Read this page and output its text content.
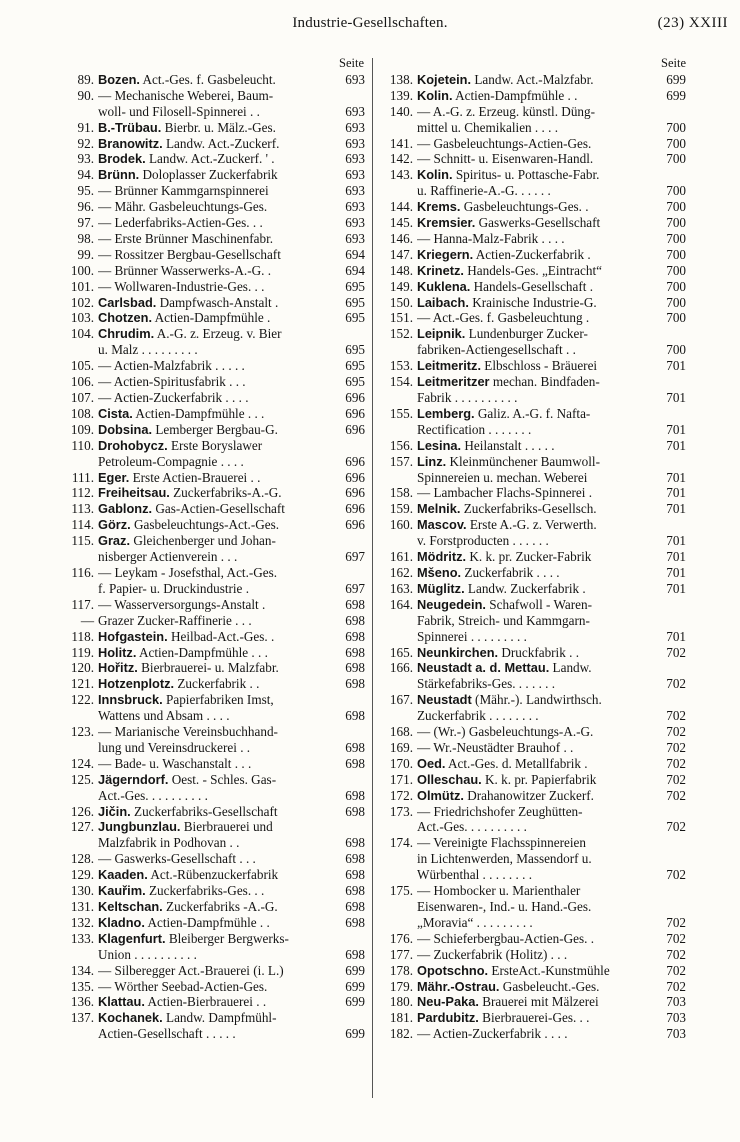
Industrie-Gesellschaften.	(23) XXIII
Seite
89. Bozen. Act.-Ges. f. Gasbeleucht.	693
90. — Mechanische Weberei, Baum-
woll- und Filosell-Spinnerei . .	693
91. B.-Trübau. Bierbr. u. Mälz.-Ges.	693
92. Branowitz. Landw. Act.-Zuckerf.	693
93. Brodek. Landw. Act.-Zuckerf. ' .	693
94. Brünn. Doloplasser Zuckerfabrik	693
95. — Brünner Kammgarnspinnerei	693
96. — Mähr. Gasbeleuchtungs-Ges.	693
97. — Lederfabriks-Actien-Ges. . .	693
98. — Erste Brünner Maschinenfabr.	693
99. — Rossitzer Bergbau-Gesellschaft	694
100. — Brünner Wasserwerks-A.-G. .	694
101. — Wollwaren-Industrie-Ges. . .	695
102. Carlsbad. Dampfwasch-Anstalt .	695
103. Chotzen. Actien-Dampfmühle .	695
104. Chrudim. A.-G. z. Erzeug. v. Bier
u. Malz . . . . . . . . .	695
105. — Actien-Malzfabrik . . . . .	695
106. — Actien-Spiritusfabrik . . .	695
107. — Actien-Zuckerfabrik . . . .	696
108. Cista. Actien-Dampfmühle . . .	696
109. Dobsina. Lemberger Bergbau-G.	696
110. Drohobycz. Erste Boryslawer
Petroleum-Compagnie . . . .	696
111. Eger. Erste Actien-Brauerei . .	696
112. Freiheitsau. Zuckerfabriks-A.-G.	696
113. Gablonz. Gas-Actien-Gesellschaft	696
114. Görz. Gasbeleuchtungs-Act.-Ges.	696
115. Graz. Gleichenberger und Johan-
nisberger Actienverein . . .	697
116. — Leykam - Josefsthal, Act.-Ges.
f. Papier- u. Druckindustrie .	697
117. — Wasserversorgungs-Anstalt .	698
— Grazer Zucker-Raffinerie . . .	698
118. Hofgastein. Heilbad-Act.-Ges. .	698
119. Holitz. Actien-Dampfmühle . . .	698
120. Hořitz. Bierbrauerei- u. Malzfabr.	698
121. Hotzenplotz. Zuckerfabrik . .	698
122. Innsbruck. Papierfabriken Imst,
Wattens und Absam . . . .	698
123. — Marianische Vereinsbuchhand-
lung und Vereinsdruckerei . .	698
124. — Bade- u. Waschanstalt . . .	698
125. Jägerndorf. Oest. - Schles. Gas-
Act.-Ges. . . . . . . . . .	698
126. Jičin. Zuckerfabriks-Gesellschaft	698
127. Jungbunzlau. Bierbrauerei und
Malzfabrik in Podhovan . .	698
128. — Gaswerks-Gesellschaft . . .	698
129. Kaaden. Act.-Rübenzuckerfabrik	698
130. Kauřim. Zuckerfabriks-Ges. . .	698
131. Keltschan. Zuckerfabriks -A.-G.	698
132. Kladno. Actien-Dampfmühle . .	698
133. Klagenfurt. Bleiberger Bergwerks-
Union . . . . . . . . . .	698
134. — Silberegger Act.-Brauerei (i. L.)	699
135. — Wörther Seebad-Actien-Ges.	699
136. Klattau. Actien-Bierbrauerei . .	699
137. Kochanek. Landw. Dampfmühl-
Actien-Gesellschaft . . . . .	699
Seite
138. Kojetein. Landw. Act.-Malzfabr.	699
139. Kolin. Actien-Dampfmühle . .	699
140. — A.-G. z. Erzeug. künstl. Düng-
mittel u. Chemikalien . . . .	700
141. — Gasbeleuchtungs-Actien-Ges.	700
142. — Schnitt- u. Eisenwaren-Handl.	700
143. Kolin. Spiritus- u. Pottasche-Fabr.
u. Raffinerie-A.-G. . . . . .	700
144. Krems. Gasbeleuchtungs-Ges. .	700
145. Kremsier. Gaswerks-Gesellschaft	700
146. — Hanna-Malz-Fabrik . . . .	700
147. Kriegern. Actien-Zuckerfabrik .	700
148. Krinetz. Handels-Ges. „Eintracht“	700
149. Kuklena. Handels-Gesellschaft .	700
150. Laibach. Krainische Industrie-G.	700
151. — Act.-Ges. f. Gasbeleuchtung .	700
152. Leipnik. Lundenburger Zucker-
fabriken-Actiengesellschaft . .	700
153. Leitmeritz. Elbschloss - Bräuerei	701
154. Leitmeritzer mechan. Bindfaden-
Fabrik . . . . . . . . . .	701
155. Lemberg. Galiz. A.-G. f. Nafta-
Rectification . . . . . . .	701
156. Lesina. Heilanstalt . . . . .	701
157. Linz. Kleinmünchener Baumwoll-
Spinnereien u. mechan. Weberei	701
158. — Lambacher Flachs-Spinnerei .	701
159. Melnik. Zuckerfabriks-Gesellsch.	701
160. Mascov. Erste A.-G. z. Verwerth.
v. Forstproducten . . . . . .	701
161. Mödritz. K. k. pr. Zucker-Fabrik	701
162. Mšeno. Zuckerfabrik . . . .	701
163. Müglitz. Landw. Zuckerfabrik .	701
164. Neugedein. Schafwoll - Waren-
Fabrik, Streich- und Kammgarn-
Spinnerei . . . . . . . . .	701
165. Neunkirchen. Druckfabrik . .	702
166. Neustadt a. d. Mettau. Landw.
Stärkefabriks-Ges. . . . . . .	702
167. Neustadt (Mähr.-). Landwirthsch.
Zuckerfabrik . . . . . . . .	702
168. — (Wr.-) Gasbeleuchtungs-A.-G.	702
169. — Wr.-Neustädter Brauhof . .	702
170. Oed. Act.-Ges. d. Metallfabrik .	702
171. Olleschau. K. k. pr. Papierfabrik	702
172. Olmütz. Drahanowitzer Zuckerf.	702
173. — Friedrichshofer Zeughütten-
Act.-Ges. . . . . . . . . .	702
174. — Vereinigte Flachsspinnereien
in Lichtenwerden, Massendorf u.
Würbenthal . . . . . . . .	702
175. — Hombocker u. Marienthaler
Eisenwaren-, Ind.- u. Hand.-Ges.
„Moravia“ . . . . . . . . .	702
176. — Schieferbergbau-Actien-Ges. .	702
177. — Zuckerfabrik (Holitz) . . .	702
178. Opotschno. ErsteAct.-Kunstmühle	702
179. Mähr.-Ostrau. Gasbeleucht.-Ges.	702
180. Neu-Paka. Brauerei mit Mälzerei	703
181. Pardubitz. Bierbrauerei-Ges. . .	703
182. — Actien-Zuckerfabrik . . . .	703
